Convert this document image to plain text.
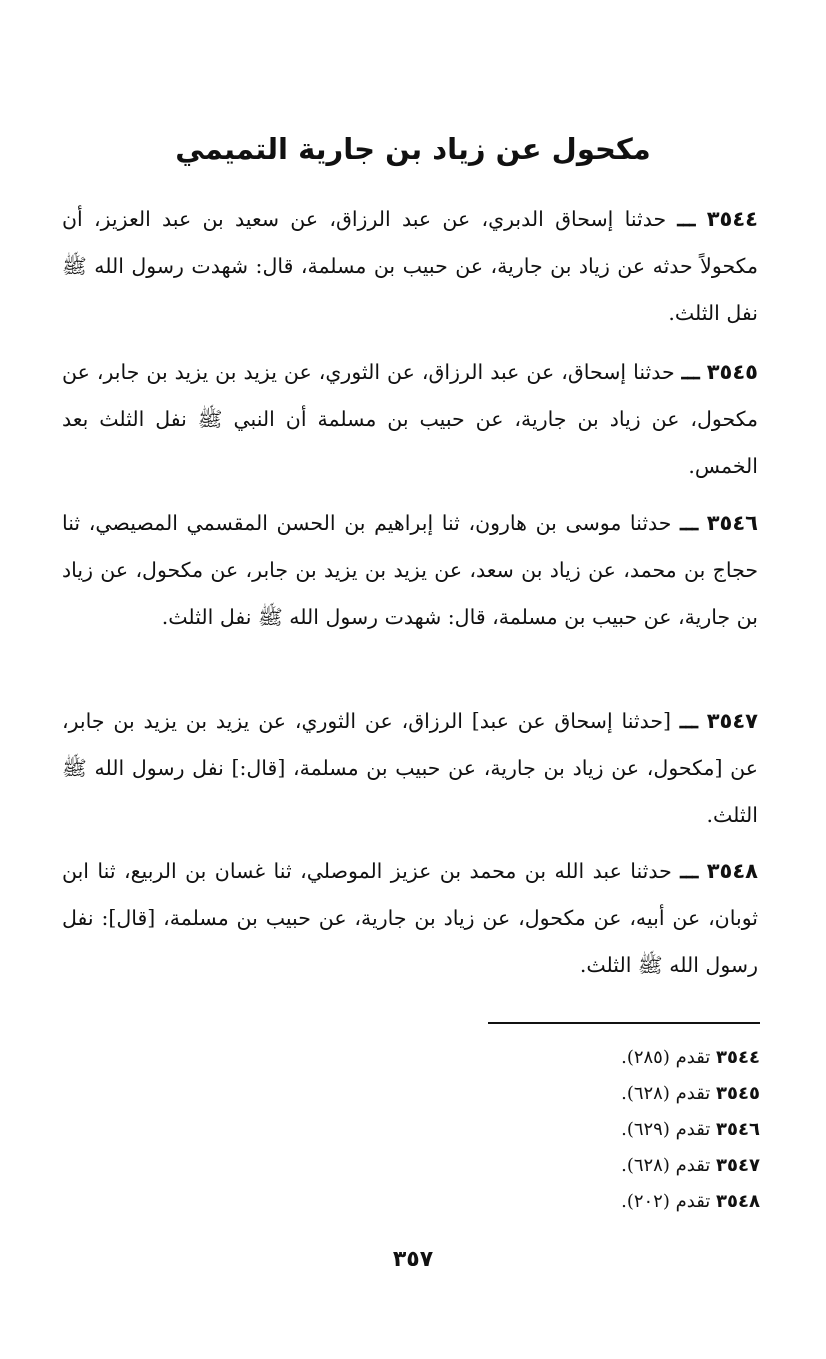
مكحول عن زياد بن جارية التميمي
٣٥٤٤ ـــ حدثنا إسحاق الدبري، عن عبد الرزاق، عن سعيد بن عبد العزيز، أن مكحولاً حدثه عن زياد بن جارية، عن حبيب بن مسلمة، قال: شهدت رسول الله ﷺ نفل الثلث.
٣٥٤٥ ـــ حدثنا إسحاق، عن عبد الرزاق، عن الثوري، عن يزيد بن يزيد بن جابر، عن مكحول، عن زياد بن جارية، عن حبيب بن مسلمة أن النبي ﷺ نفل الثلث بعد الخمس.
٣٥٤٦ ـــ حدثنا موسى بن هارون، ثنا إبراهيم بن الحسن المقسمي المصيصي، ثنا حجاج بن محمد، عن زياد بن سعد، عن يزيد بن يزيد بن جابر، عن مكحول، عن زياد بن جارية، عن حبيب بن مسلمة، قال: شهدت رسول الله ﷺ نفل الثلث.
٣٥٤٧ ـــ [حدثنا إسحاق عن عبد] الرزاق، عن الثوري، عن يزيد بن يزيد بن جابر، عن [مكحول، عن زياد بن جارية، عن حبيب بن مسلمة، [قال:] نفل رسول الله ﷺ الثلث.
٣٥٤٨ ـــ حدثنا عبد الله بن محمد بن عزيز الموصلي، ثنا غسان بن الربيع، ثنا ابن ثوبان، عن أبيه، عن مكحول، عن زياد بن جارية، عن حبيب بن مسلمة، [قال]: نفل رسول الله ﷺ الثلث.
٣٥٤٤ تقدم (٢٨٥).
٣٥٤٥ تقدم (٦٢٨).
٣٥٤٦ تقدم (٦٢٩).
٣٥٤٧ تقدم (٦٢٨).
٣٥٤٨ تقدم (٢٠٢).
٣٥٧
